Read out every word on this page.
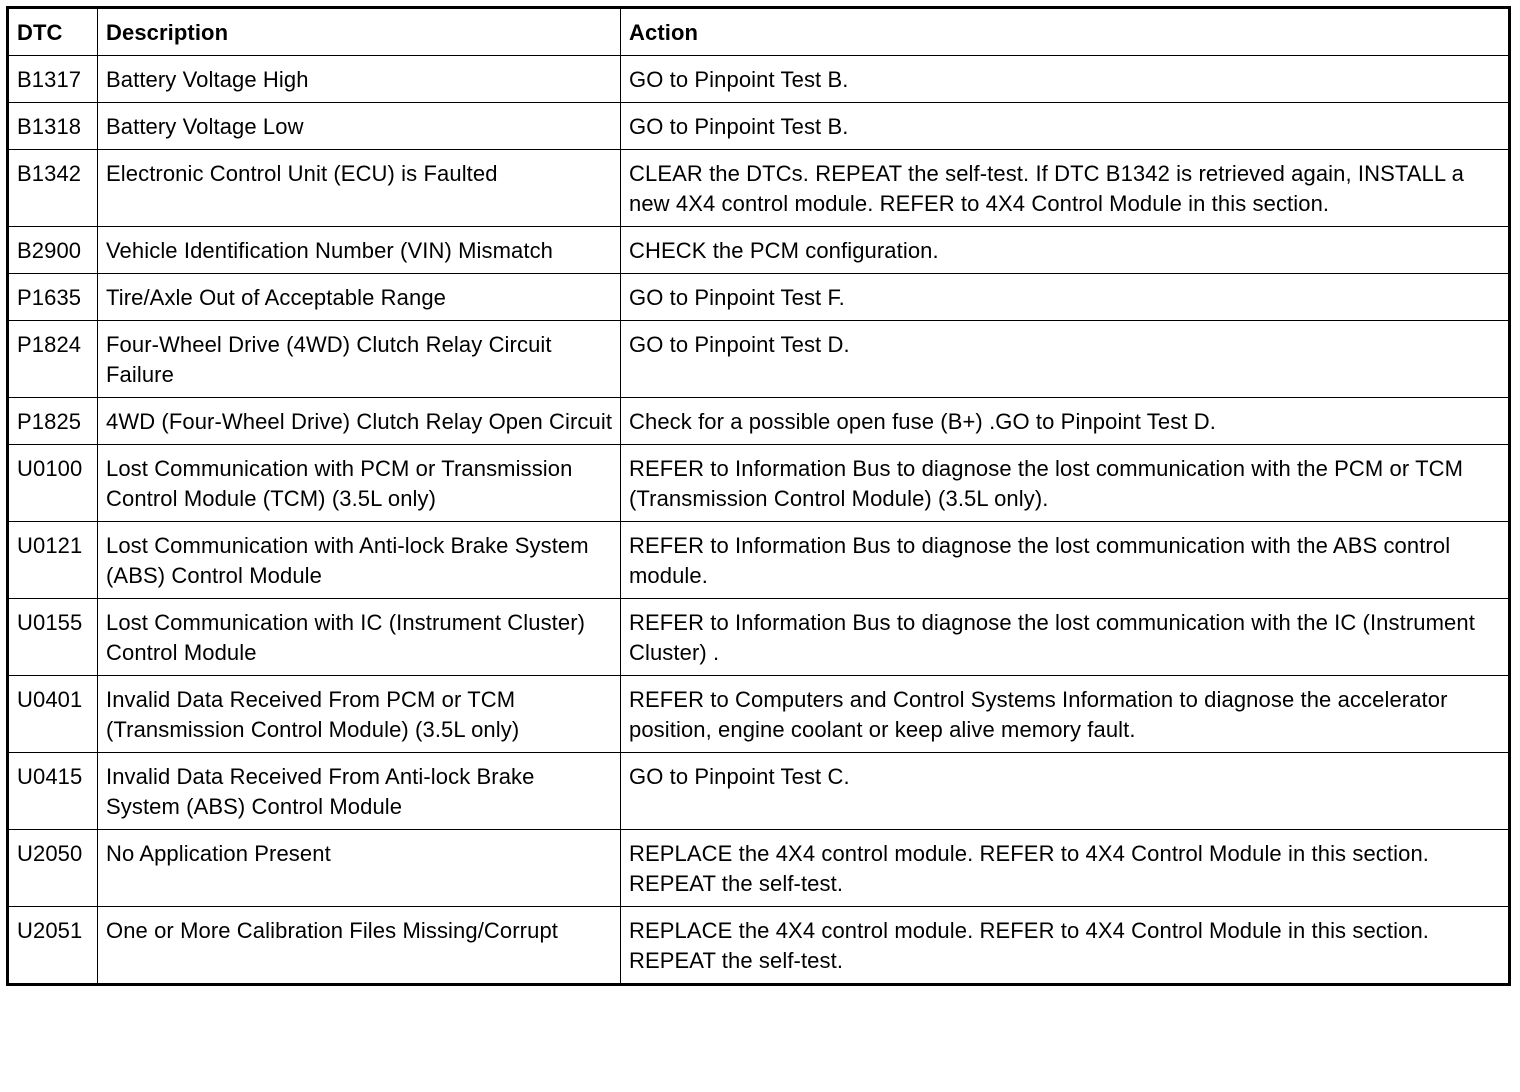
DTC	Description	Action
B1317	Battery Voltage High	GO to Pinpoint Test B.
B1318	Battery Voltage Low	GO to Pinpoint Test B.
B1342	Electronic Control Unit (ECU) is Faulted	CLEAR the DTCs. REPEAT the self-test. If DTC B1342 is retrieved again, INSTALL a new 4X4 control module. REFER to 4X4 Control Module in this section.
B2900	Vehicle Identification Number (VIN) Mismatch	CHECK the PCM configuration.
P1635	Tire/Axle Out of Acceptable Range	GO to Pinpoint Test F.
P1824	Four-Wheel Drive (4WD) Clutch Relay Circuit Failure	GO to Pinpoint Test D.
P1825	4WD (Four-Wheel Drive) Clutch Relay Open Circuit	Check for a possible open fuse (B+) .GO to Pinpoint Test D.
U0100	Lost Communication with PCM or Transmission Control Module (TCM) (3.5L only)	REFER to Information Bus to diagnose the lost communication with the PCM or TCM (Transmission Control Module) (3.5L only).
U0121	Lost Communication with Anti-lock Brake System (ABS) Control Module	REFER to Information Bus to diagnose the lost communication with the ABS control module.
U0155	Lost Communication with IC (Instrument Cluster) Control Module	REFER to Information Bus to diagnose the lost communication with the IC (Instrument Cluster) .
U0401	Invalid Data Received From PCM or TCM (Transmission Control Module) (3.5L only)	REFER to Computers and Control Systems Information to diagnose the accelerator position, engine coolant or keep alive memory fault.
U0415	Invalid Data Received From Anti-lock Brake System (ABS) Control Module	GO to Pinpoint Test C.
U2050	No Application Present	REPLACE the 4X4 control module. REFER to 4X4 Control Module in this section. REPEAT the self-test.
U2051	One or More Calibration Files Missing/Corrupt	REPLACE the 4X4 control module. REFER to 4X4 Control Module in this section. REPEAT the self-test.
